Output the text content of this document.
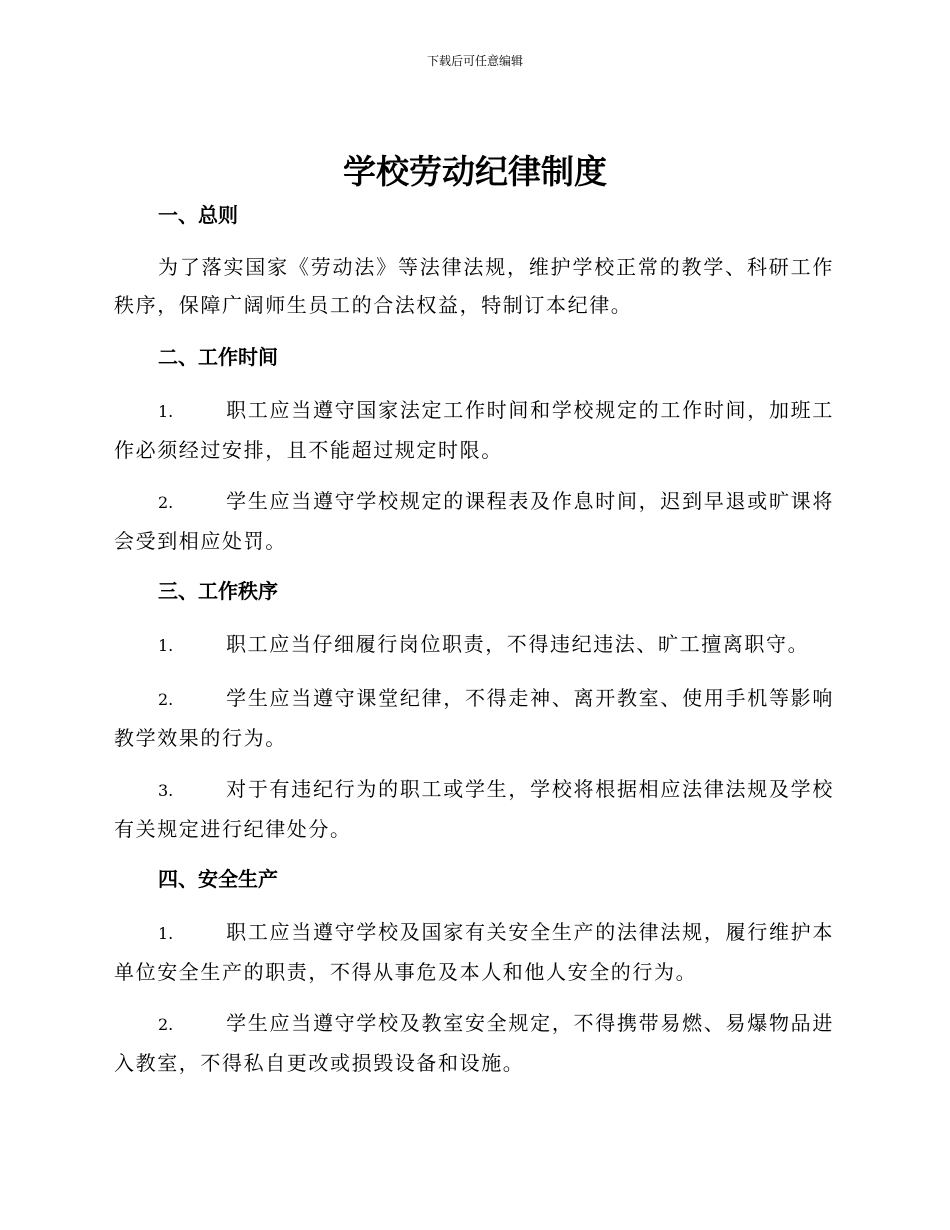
下载后可任意编辑
学校劳动纪律制度
一、总则
为了落实国家《劳动法》等法律法规，维护学校正常的教学、科研工作秩序，保障广阔师生员工的合法权益，特制订本纪律。
二、工作时间
1.	职工应当遵守国家法定工作时间和学校规定的工作时间，加班工作必须经过安排，且不能超过规定时限。
2.	学生应当遵守学校规定的课程表及作息时间，迟到早退或旷课将会受到相应处罚。
三、工作秩序
1.	职工应当仔细履行岗位职责，不得违纪违法、旷工擅离职守。
2.	学生应当遵守课堂纪律，不得走神、离开教室、使用手机等影响教学效果的行为。
3.	对于有违纪行为的职工或学生，学校将根据相应法律法规及学校有关规定进行纪律处分。
四、安全生产
1.	职工应当遵守学校及国家有关安全生产的法律法规，履行维护本单位安全生产的职责，不得从事危及本人和他人安全的行为。
2.	学生应当遵守学校及教室安全规定，不得携带易燃、易爆物品进入教室，不得私自更改或损毁设备和设施。
